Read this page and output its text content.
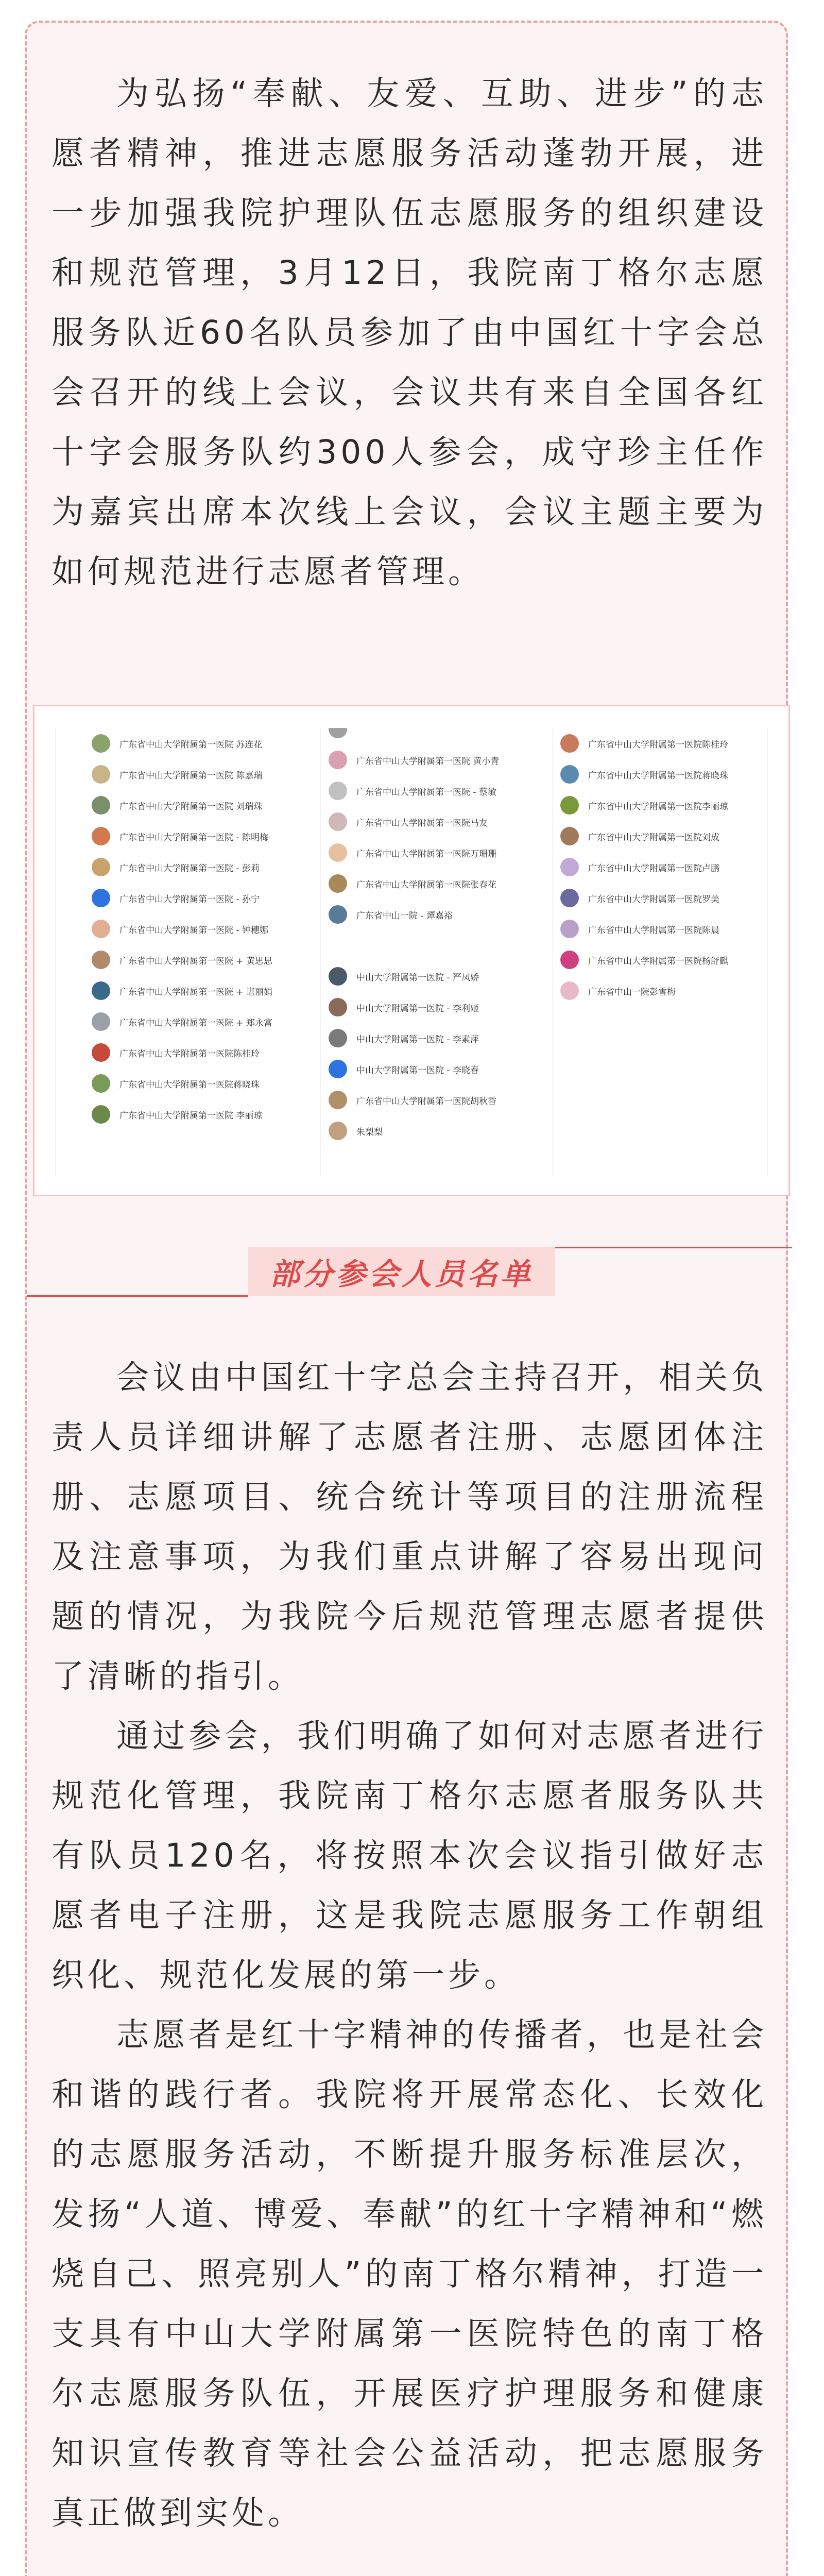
为弘扬“奉献、友爱、互助、进步”的志愿者精神，推进志愿服务活动蓬勃开展，进一步加强我院护理队伍志愿服务的组织建设和规范管理，3月12日，我院南丁格尔志愿服务队近60名队员参加了由中国红十字会总会召开的线上会议，会议共有来自全国各红十字会服务队约300人参会，成守珍主任作为嘉宾出席本次线上会议，会议主题主要为如何规范进行志愿者管理。

广东省中山大学附属第一医院 苏连花
广东省中山大学附属第一医院 陈嘉瑞
广东省中山大学附属第一医院 刘瑞珠
广东省中山大学附属第一医院 - 陈明梅
广东省中山大学附属第一医院 - 彭莉
广东省中山大学附属第一医院 - 孙宁
广东省中山大学附属第一医院 - 钟穗娜
广东省中山大学附属第一医院 + 黄思思
广东省中山大学附属第一医院 + 谌丽娟
广东省中山大学附属第一医院 + 郑永富
广东省中山大学附属第一医院陈桂玲
广东省中山大学附属第一医院蒋晓珠
广东省中山大学附属第一医院 李丽琼
广东省中山大学附属第一医院 黄小青
广东省中山大学附属第一医院 - 蔡敏
广东省中山大学附属第一医院马友
广东省中山大学附属第一医院万珊珊
广东省中山大学附属第一医院张春花
广东省中山一院 - 谭嘉裕
中山大学附属第一医院 - 严凤娇
中山大学附属第一医院 - 李利姬
中山大学附属第一医院 - 李素萍
中山大学附属第一医院 - 李晓春
广东省中山大学附属第一医院胡秋香
朱梨梨
广东省中山大学附属第一医院陈桂玲
广东省中山大学附属第一医院蒋晓珠
广东省中山大学附属第一医院李丽琼
广东省中山大学附属第一医院刘成
广东省中山大学附属第一医院卢鹏
广东省中山大学附属第一医院罗美
广东省中山大学附属第一医院陈晨
广东省中山大学附属第一医院杨舒麒
广东省中山一院彭雪梅
部分参会人员名单

会议由中国红十字总会主持召开，相关负责人员详细讲解了志愿者注册、志愿团体注册、志愿项目、统合统计等项目的注册流程及注意事项，为我们重点讲解了容易出现问题的情况，为我院今后规范管理志愿者提供了清晰的指引。

通过参会，我们明确了如何对志愿者进行规范化管理，我院南丁格尔志愿者服务队共有队员120名，将按照本次会议指引做好志愿者电子注册，这是我院志愿服务工作朝组织化、规范化发展的第一步。

志愿者是红十字精神的传播者，也是社会和谐的践行者。我院将开展常态化、长效化的志愿服务活动，不断提升服务标准层次，发扬“人道、博爱、奉献”的红十字精神和“燃烧自己、照亮别人”的南丁格尔精神，打造一支具有中山大学附属第一医院特色的南丁格尔志愿服务队伍，开展医疗护理服务和健康知识宣传教育等社会公益活动，把志愿服务真正做到实处。
